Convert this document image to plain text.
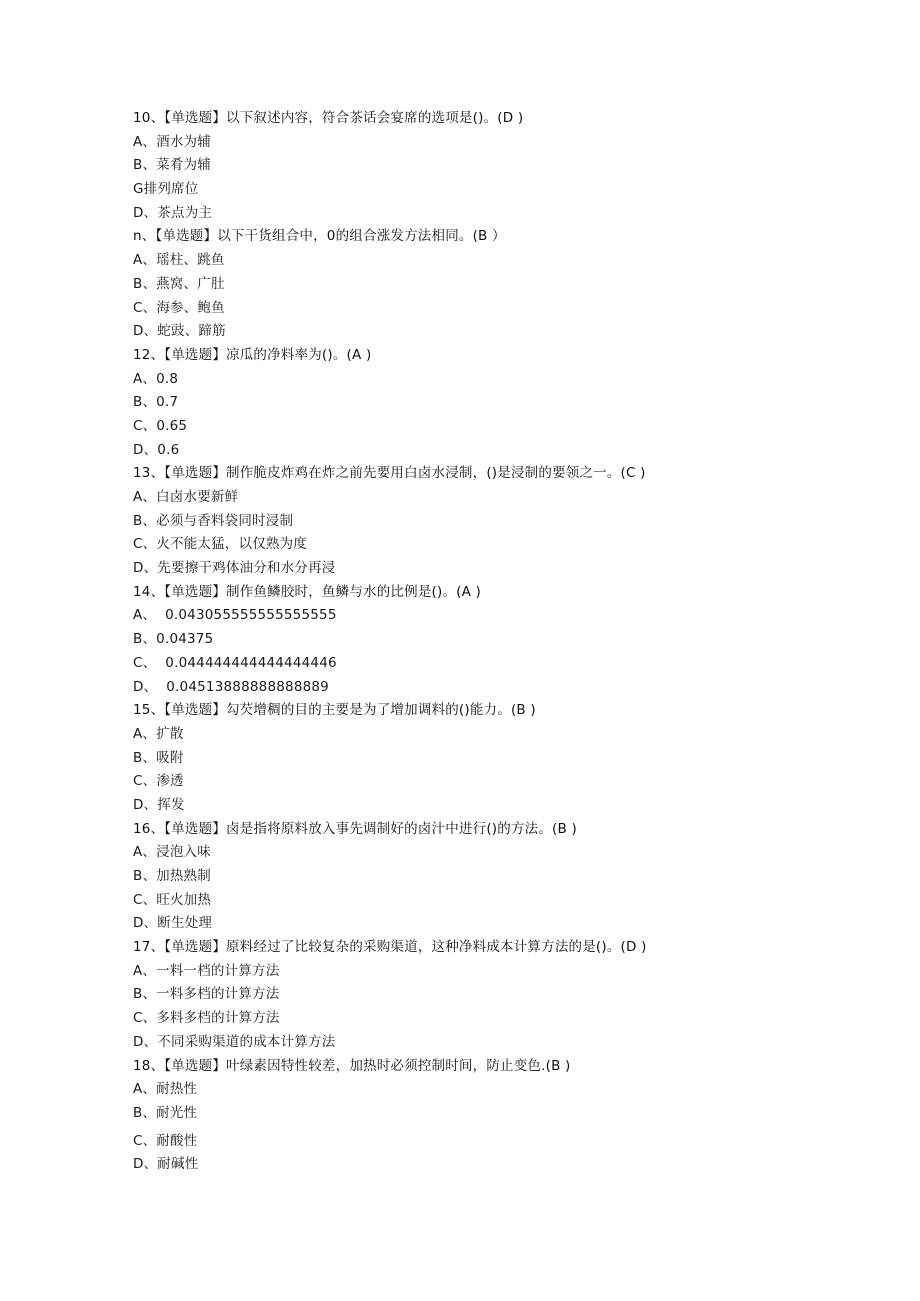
10、【单选题】以下叙述内容，符合茶话会宴席的选项是()。(D )
A、酒水为辅
B、菜肴为辅
G排列席位
D、茶点为主
n、【单选题】以下干货组合中，0的组合涨发方法相同。(B ）
A、瑶柱、跳鱼
B、燕窝、广肚
C、海参、鲍鱼
D、蛇豉、蹄筋
12、【单选题】凉瓜的净料率为()。(A )
A、0.8
B、0.7
C、0.65
D、0.6
13、【单选题】制作脆皮炸鸡在炸之前先要用白卤水浸制，()是浸制的要领之一。(C )
A、白卤水要新鲜
B、必须与香料袋同时浸制
C、火不能太猛，以仅熟为度
D、先要擦干鸡体油分和水分再浸
14、【单选题】制作鱼鳞胶时，鱼鳞与水的比例是()。(A )
A、  0.043055555555555555
B、0.04375
C、  0.044444444444444446
D、  0.04513888888888889
15、【单选题】勾芡增稠的目的主要是为了增加调料的()能力。(B )
A、扩散
B、吸附
C、渗透
D、挥发
16、【单选题】卤是指将原料放入事先调制好的卤汁中进行()的方法。(B )
A、浸泡入味
B、加热熟制
C、旺火加热
D、断生处理
17、【单选题】原料经过了比较复杂的采购渠道，这种净料成本计算方法的是()。(D )
A、一料一档的计算方法
B、一料多档的计算方法
C、多料多档的计算方法
D、不同采购渠道的成本计算方法
18、【单选题】叶绿素因特性较差，加热时必须控制时间，防止变色.(B )
A、耐热性
B、耐光性
C、耐酸性
D、耐碱性
